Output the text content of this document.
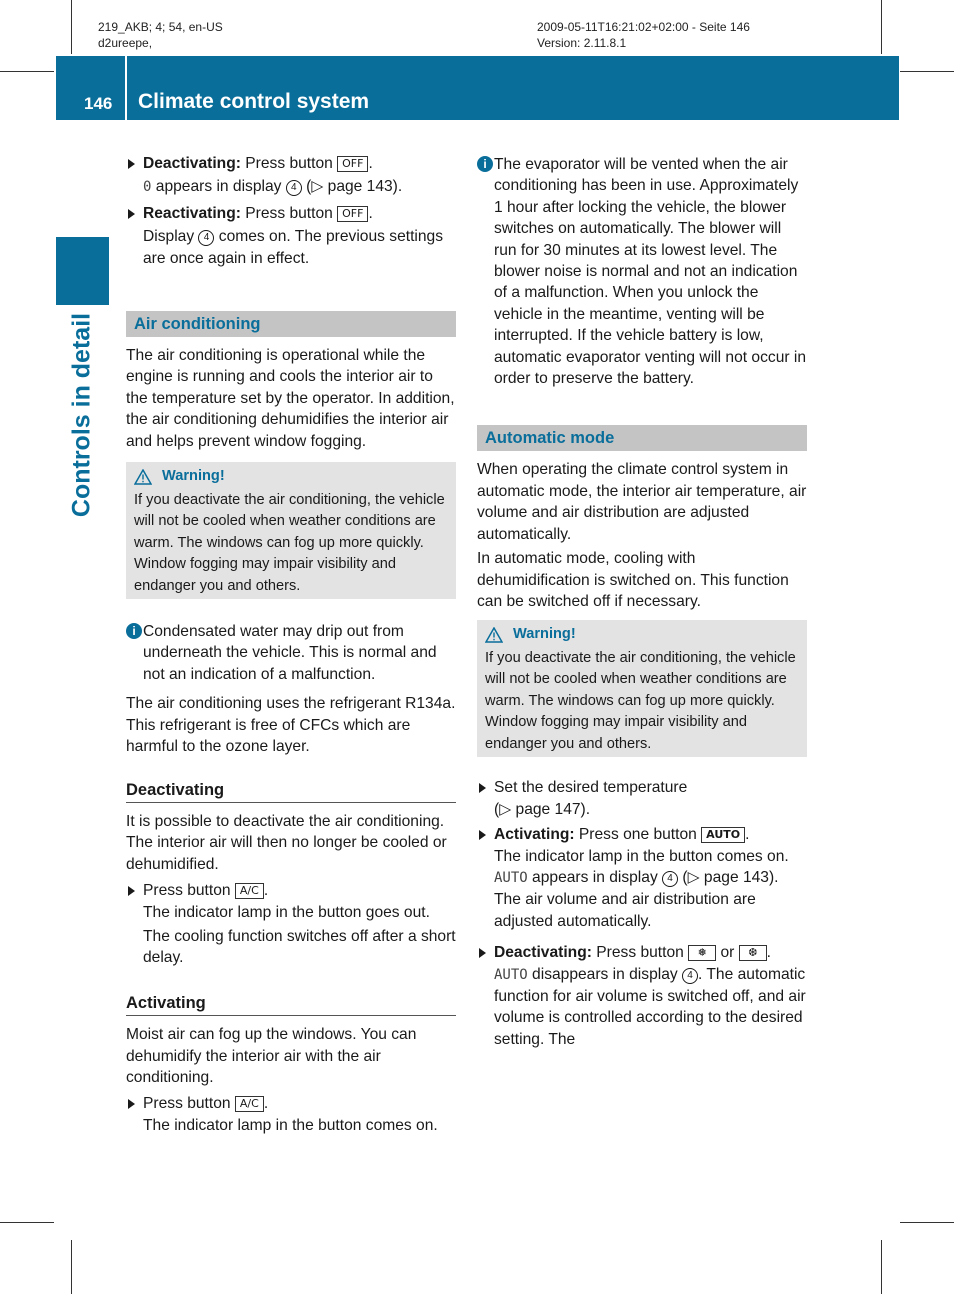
219_AKB; 4; 54, en-US
d2ureepe,
2009-05-11T16:21:02+02:00 - Seite 146
Version: 2.11.8.1
146 Climate control system
Controls in detail

Deactivating: Press button OFF .

0 appears in display 4 (▷ page 143).

Reactivating: Press button OFF .

Display 4 comes on. The previous settings are once again in effect.

Air conditioning

The air conditioning is operational while the engine is running and cools the interior air to the temperature set by the operator. In addition, the air conditioning dehumidifies the interior air and helps prevent window fogging.

Warning!
If you deactivate the air conditioning, the vehicle will not be cooled when weather conditions are warm. The windows can fog up more quickly. Window fogging may impair visibility and endanger you and others.
i Condensated water may drip out from underneath the vehicle. This is normal and not an indication of a malfunction.

The air conditioning uses the refrigerant R134a. This refrigerant is free of CFCs which are harmful to the ozone layer.

Deactivating

It is possible to deactivate the air conditioning. The interior air will then no longer be cooled or dehumidified.

Press button A/C .

The indicator lamp in the button goes out.

The cooling function switches off after a short delay.

Activating

Moist air can fog up the windows. You can dehumidify the interior air with the air conditioning.

Press button A/C .

The indicator lamp in the button comes on.

i The evaporator will be vented when the air conditioning has been in use. Approximately 1 hour after locking the vehicle, the blower switches on automatically. The blower will run for 30 minutes at its lowest level. The blower noise is normal and not an indication of a malfunction. When you unlock the vehicle in the meantime, venting will be interrupted. If the vehicle battery is low, automatic evaporator venting will not occur in order to preserve the battery.

Automatic mode

When operating the climate control system in automatic mode, the interior air temperature, air volume and air distribution are adjusted automatically.

In automatic mode, cooling with dehumidification is switched on. This function can be switched off if necessary.

Warning!
If you deactivate the air conditioning, the vehicle will not be cooled when weather conditions are warm. The windows can fog up more quickly. Window fogging may impair visibility and endanger you and others.

Set the desired temperature

(▷ page 147).

Activating: Press one button AUTO .

The indicator lamp in the button comes on.

AUTO appears in display 4 (▷ page 143).

The air volume and air distribution are adjusted automatically.

Deactivating: Press button ❅ or ❆ .

AUTO disappears in display 4 . The automatic function for air volume is switched off, and air volume is controlled according to the desired setting. The
